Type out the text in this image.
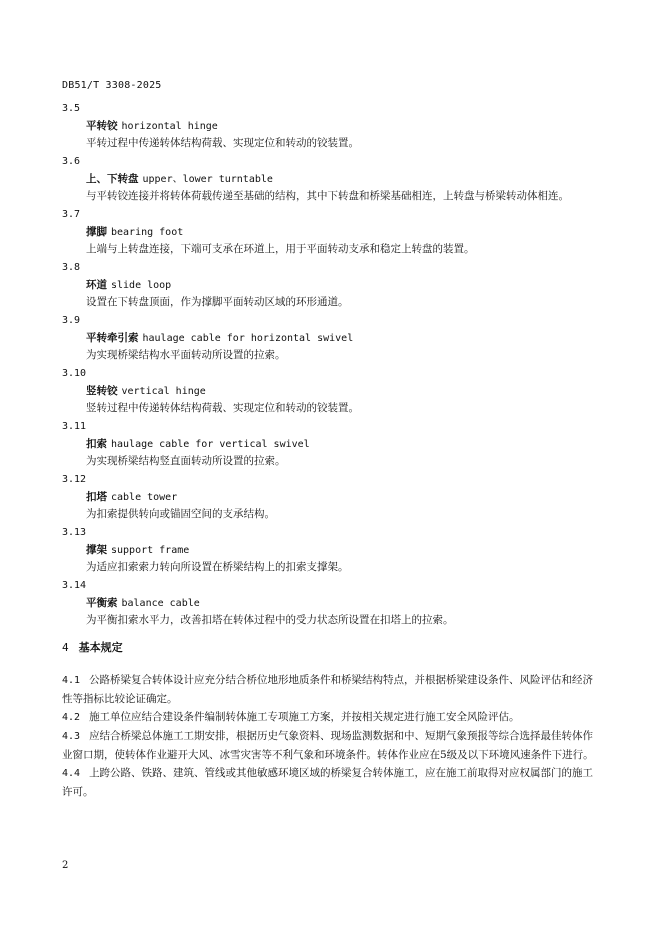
DB51/T 3308-2025
3.5
平转铰 horizontal hinge
平转过程中传递转体结构荷载、实现定位和转动的铰装置。
3.6
上、下转盘 upper、lower turntable
与平转铰连接并将转体荷载传递至基础的结构，其中下转盘和桥梁基础相连，上转盘与桥梁转动体相连。
3.7
撑脚 bearing foot
上端与上转盘连接，下端可支承在环道上，用于平面转动支承和稳定上转盘的装置。
3.8
环道 slide loop
设置在下转盘顶面，作为撑脚平面转动区域的环形通道。
3.9
平转牵引索 haulage cable for horizontal swivel
为实现桥梁结构水平面转动所设置的拉索。
3.10
竖转铰 vertical hinge
竖转过程中传递转体结构荷载、实现定位和转动的铰装置。
3.11
扣索 haulage cable for vertical swivel
为实现桥梁结构竖直面转动所设置的拉索。
3.12
扣塔 cable tower
为扣索提供转向或锚固空间的支承结构。
3.13
撑架 support frame
为适应扣索索力转向所设置在桥梁结构上的扣索支撑架。
3.14
平衡索 balance cable
为平衡扣索水平力，改善扣塔在转体过程中的受力状态所设置在扣塔上的拉索。
4 基本规定
4.1 公路桥梁复合转体设计应充分结合桥位地形地质条件和桥梁结构特点，并根据桥梁建设条件、风险评估和经济性等指标比较论证确定。
4.2 施工单位应结合建设条件编制转体施工专项施工方案，并按相关规定进行施工安全风险评估。
4.3 应结合桥梁总体施工工期安排，根据历史气象资料、现场监测数据和中、短期气象预报等综合选择最佳转体作业窗口期，使转体作业避开大风、冰雪灾害等不利气象和环境条件。转体作业应在5级及以下环境风速条件下进行。
4.4 上跨公路、铁路、建筑、管线或其他敏感环境区域的桥梁复合转体施工，应在施工前取得对应权属部门的施工许可。
2
